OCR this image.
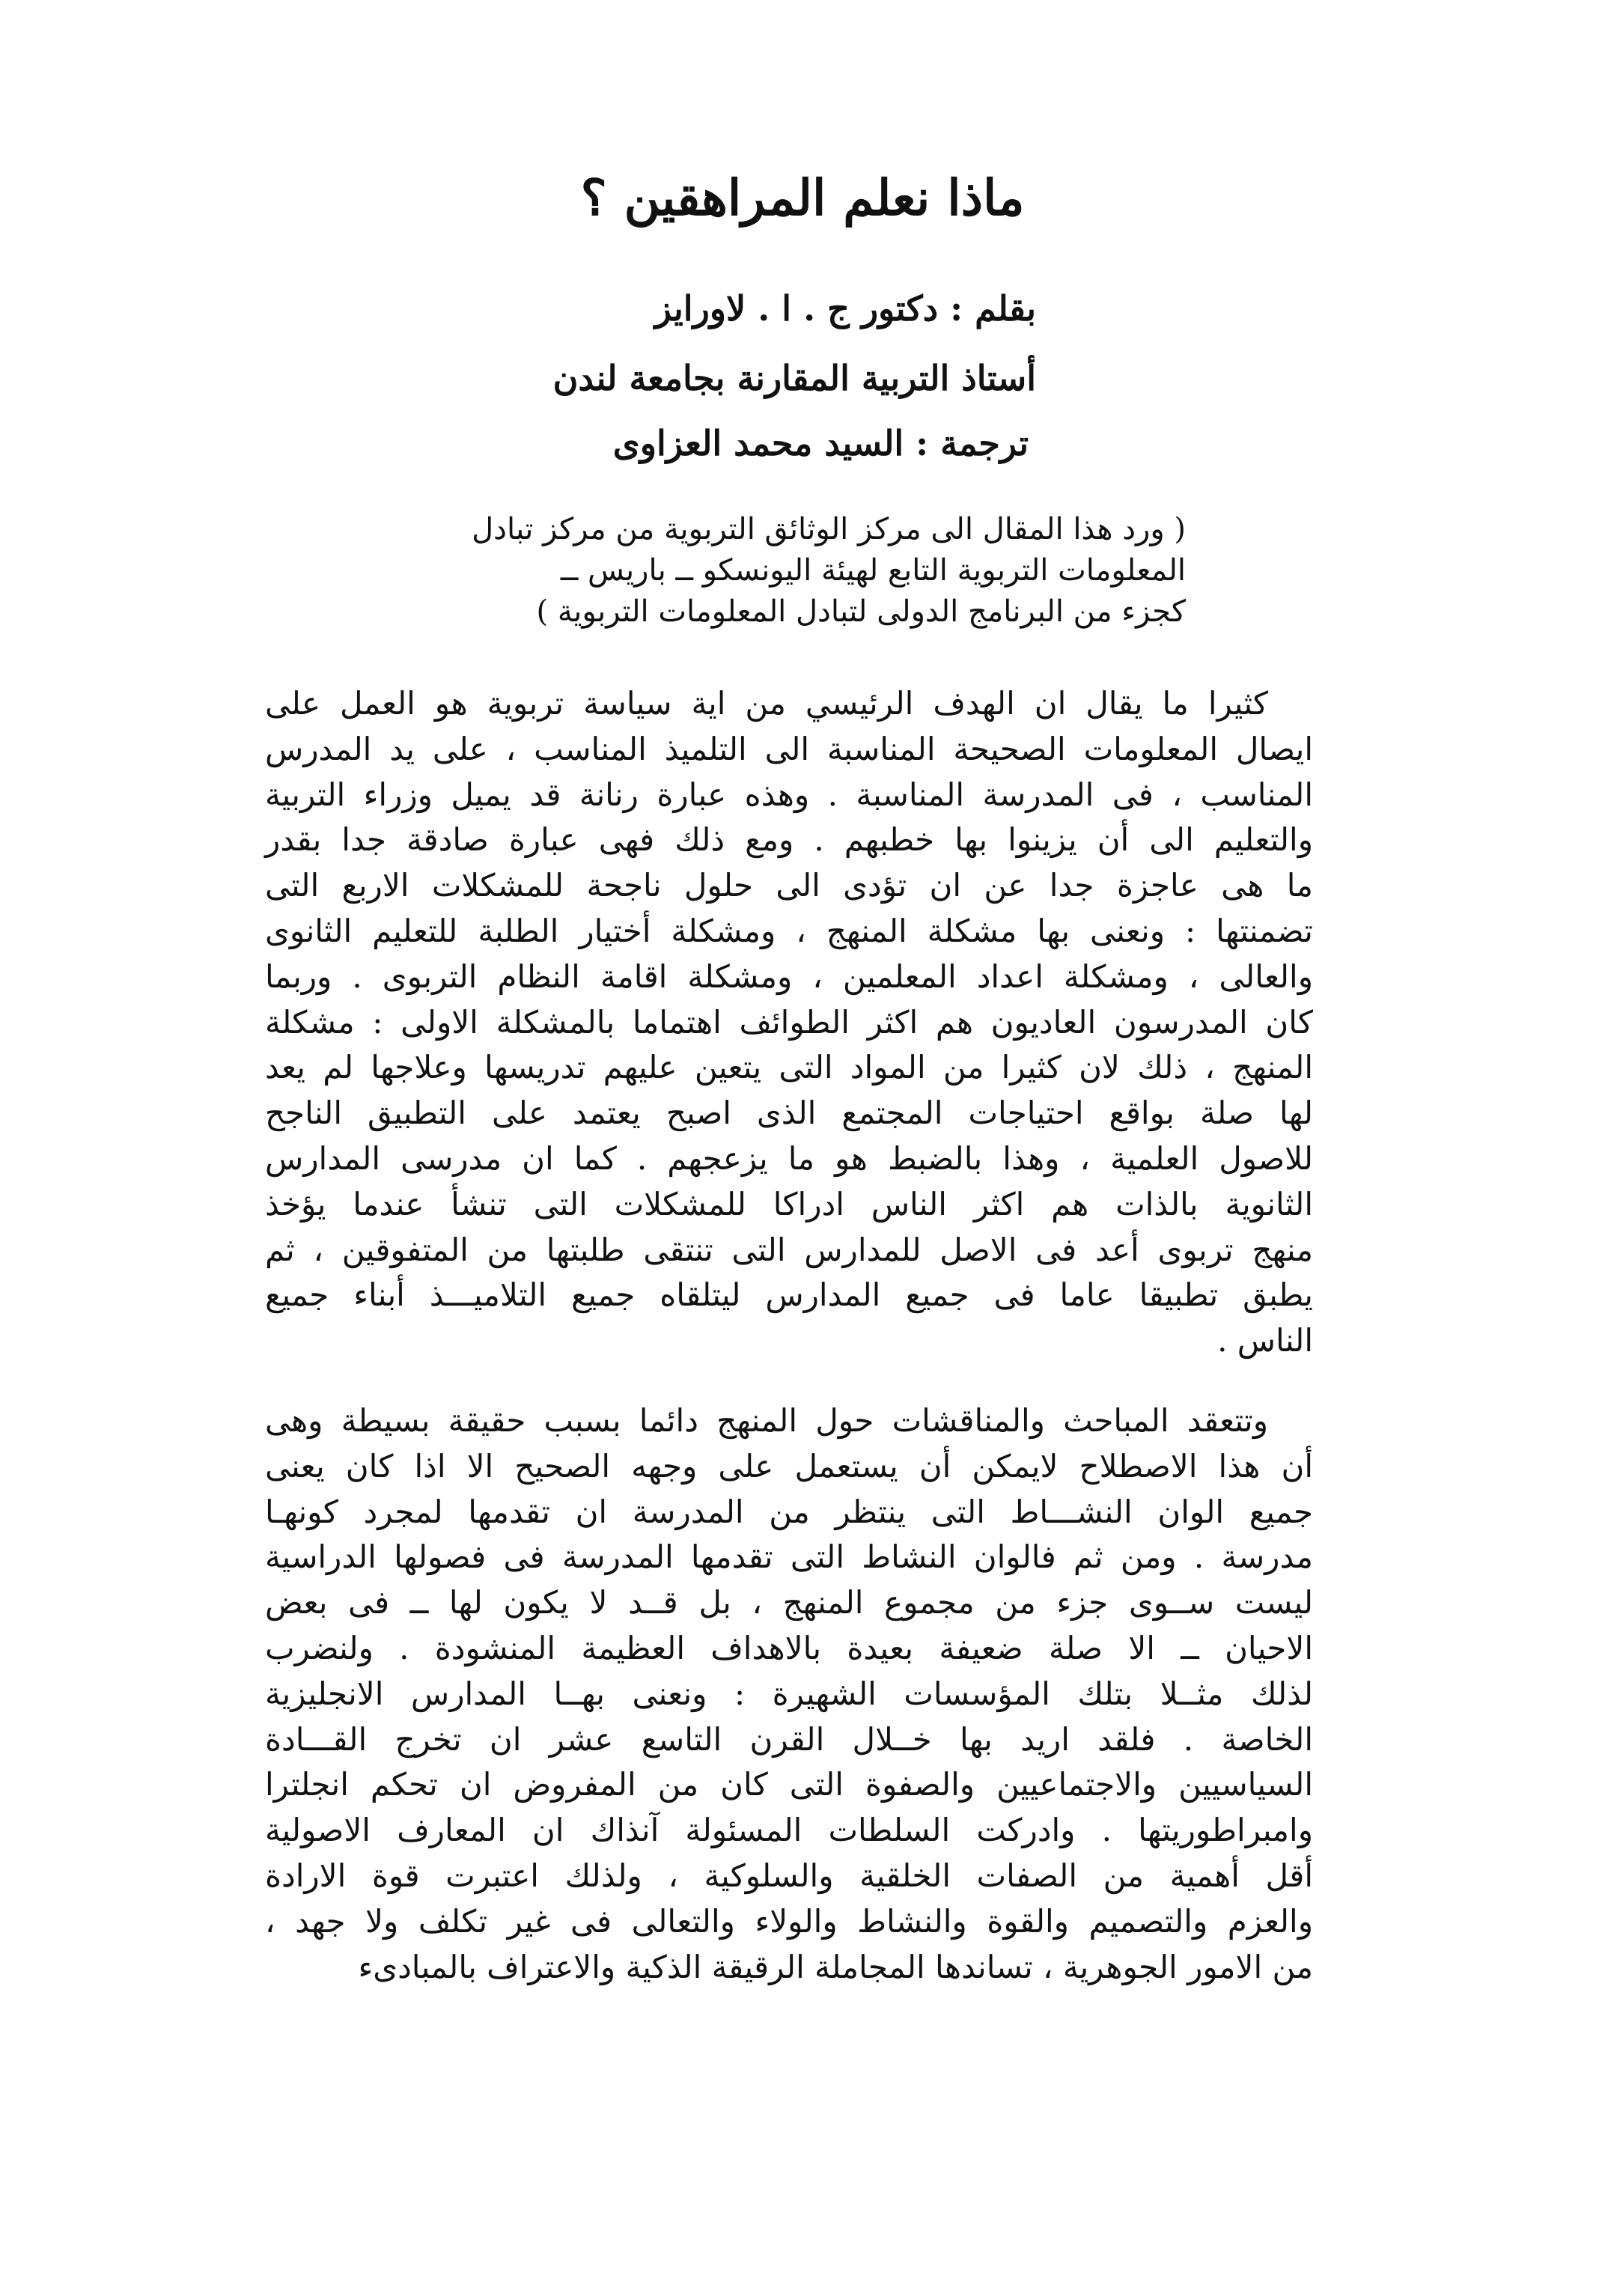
ماذا نعلم المراهقين ؟

بقلم : دكتور ج . ا . لاورايز

أستاذ التربية المقارنة بجامعة لندن

ترجمة : السيد محمد العزاوى

( ورد هذا المقال الى مركز الوثائق التربوية من مركز تبادل
المعلومات التربوية التابع لهيئة اليونسكو ــ باريس ــ
كجزء من البرنامج الدولى لتبادل المعلومات التربوية )

كثيرا ما يقال ان الهدف الرئيسي من اية سياسة تربوية هو العمل على
ايصال المعلومات الصحيحة المناسبة الى التلميذ المناسب ، على يد المدرس
المناسب ، فى المدرسة المناسبة . وهذه عبارة رنانة قد يميل وزراء التربية
والتعليم الى أن يزينوا بها خطبهم . ومع ذلك فهى عبارة صادقة جدا بقدر
ما هى عاجزة جدا عن ان تؤدى الى حلول ناجحة للمشكلات الاربع التى
تضمنتها : ونعنى بها مشكلة المنهج ، ومشكلة أختيار الطلبة للتعليم الثانوى
والعالى ، ومشكلة اعداد المعلمين ، ومشكلة اقامة النظام التربوى . وربما
كان المدرسون العاديون هم اكثر الطوائف اهتماما بالمشكلة الاولى : مشكلة
المنهج ، ذلك لان كثيرا من المواد التى يتعين عليهم تدريسها وعلاجها لم يعد
لها صلة بواقع احتياجات المجتمع الذى اصبح يعتمد على التطبيق الناجح
للاصول العلمية ، وهذا بالضبط هو ما يزعجهم . كما ان مدرسى المدارس
الثانوية بالذات هم اكثر الناس ادراكا للمشكلات التى تنشأ عندما يؤخذ
منهج تربوى أعد فى الاصل للمدارس التى تنتقى طلبتها من المتفوقين ، ثم
يطبق تطبيقا عاما فى جميع المدارس ليتلقاه جميع التلاميـــذ أبناء جميع
الناس .

وتتعقد المباحث والمناقشات حول المنهج دائما بسبب حقيقة بسيطة وهى
أن هذا الاصطلاح لايمكن أن يستعمل على وجهه الصحيح الا اذا كان يعنى
جميع الوان النشـــاط التى ينتظر من المدرسة ان تقدمها لمجرد كونهـا
مدرسة . ومن ثم فالوان النشاط التى تقدمها المدرسة فى فصولها الدراسية
ليست ســوى جزء من مجموع المنهج ، بل قــد لا يكون لها ــ فى بعض
الاحيان ــ الا صلة ضعيفة بعيدة بالاهداف العظيمة المنشودة . ولنضرب
لذلك مثــلا بتلك المؤسسات الشهيرة : ونعنى بهــا المدارس الانجليزية
الخاصة . فلقد اريد بها خــلال القرن التاسع عشر ان تخرج القـــادة
السياسيين والاجتماعيين والصفوة التى كان من المفروض ان تحكم انجلترا
وامبراطوريتها . وادركت السلطات المسئولة آنذاك ان المعارف الاصولية
أقل أهمية من الصفات الخلقية والسلوكية ، ولذلك اعتبرت قوة الارادة
والعزم والتصميم والقوة والنشاط والولاء والتعالى فى غير تكلف ولا جهد ،
من الامور الجوهرية ، تساندها المجاملة الرقيقة الذكية والاعتراف بالمبادىء
